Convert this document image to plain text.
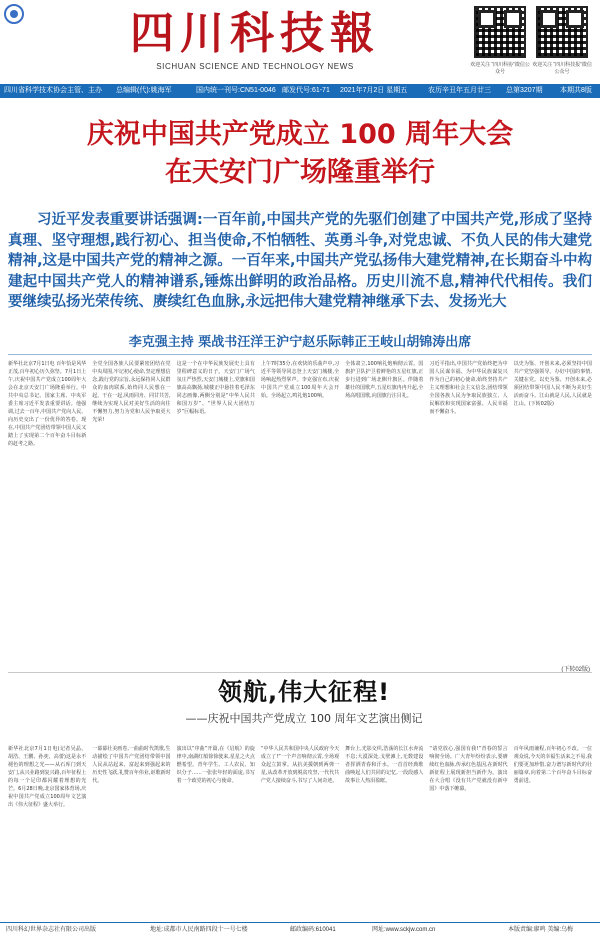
四川科技報
SICHUAN SCIENCE AND TECHNOLOGY NEWS	欢迎关注 “四川科协”微信公众号
欢迎关注 “四川科技报”微信公众号
四川省科学技术协会主管、主办 总编辑(代):姚海军	国内统一刊号:CN51-0046 邮发代号:61-71 2021年7月2日 星期五	农历辛丑年五月廿三 总第3207期 本期共8版
庆祝中国共产党成立 100 周年大会
在天安门广场隆重举行
习近平发表重要讲话强调:一百年前,中国共产党的先驱们创建了中国共产党,形成了坚持真理、坚守理想,践行初心、担当使命,不怕牺牲、英勇斗争,对党忠诚、不负人民的伟大建党精神,这是中国共产党的精神之源。一百年来,中国共产党弘扬伟大建党精神,在长期奋斗中构建起中国共产党人的精神谱系,锤炼出鲜明的政治品格。历史川流不息,精神代代相传。我们要继续弘扬光荣传统、赓续红色血脉,永远把伟大建党精神继承下去、发扬光大
李克强主持 栗战书汪洋王沪宁赵乐际韩正王岐山胡锦涛出席
新华社北京7月1日电 百年恰是风华正茂,百年初心历久弥坚。7月1日上午,庆祝中国共产党成立100周年大会在北京天安门广场隆重举行。中共中央总书记、国家主席、中央军委主席习近平发表重要讲话。他强调,过去一百年,中国共产党向人民、向历史交出了一份优异的答卷。现在,中国共产党团结带领中国人民又踏上了实现第二个百年奋斗目标新的赶考之路。
全党全国各族人民要紧密团结在党中央周围,牢记初心使命,坚定理想信念,践行党的宗旨,永远保持同人民群众的血肉联系,始终同人民想在一起、干在一起,风雨同舟、同甘共苦,继续为实现人民对美好生活的向往不懈努力,努力为党和人民争取更大光荣!
这是一个在中华民族发展史上具有里程碑意义的日子。天安门广场气氛庄严热烈,天安门城楼上,党旗和国旗高高飘扬,城楼正中悬挂着毛泽东同志画像,两侧分别是“中华人民共和国万岁”、“世界人民大团结万岁”巨幅标语。
上午7时35分,在欢快的乐曲声中,习近平等领导同志登上天安门城楼,全场响起热烈掌声。李克强宣布,庆祝中国共产党成立100周年大会开始。全场起立,鸣礼炮100响。
全体肃立,100响礼炮响彻云霄。国旗护卫队护卫着鲜艳的五星红旗,正步行进到广场北侧升旗区。伴随着雄壮的国歌声,五星红旗冉冉升起,全场高唱国歌,向国旗行注目礼。
习近平指出,中国共产党始终把为中国人民谋幸福、为中华民族谋复兴作为自己的初心使命,始终坚持共产主义理想和社会主义信念,团结带领全国各族人民为争取民族独立、人民解放和实现国家富强、人民幸福而不懈奋斗。
以史为鉴、开创未来,必须坚持中国共产党坚强领导。办好中国的事情,关键在党。以史为鉴、开创未来,必须团结带领中国人民不断为美好生活而奋斗。江山就是人民,人民就是江山。(下转02版)
(下转02版)
新华社北京7月1日电(记者吴晶、胡浩、王鹏、孙奕、高蕾)这是永不褪色的理想之光——从石库门到天安门,从兴业路到复兴路,百年征程上的每一个足印都闪耀着理想的光芒。6月28日晚,北京国家体育场,庆祝中国共产党成立100周年文艺演出《伟大征程》盛大举行。
一幕幕壮美画卷,一曲曲时代凯歌,生动描绘了中国共产党团结带领中国人民从站起来、富起来到强起来的历史性飞跃,礼赞百年伟业,讴歌新时代。
演出以“序曲”开篇,在《启航》的旋律中,南湖红船徐徐驶来,星星之火点燃希望。青年学生、工人农民、知识分子……一张张年轻的面庞,书写着一个政党的初心与使命。
“中华人民共和国中央人民政府今天成立了!”一个声音响彻云霄,全场观众起立鼓掌。从抗美援朝到两弹一星,从改革开放到脱贫攻坚,一代代共产党人接续奋斗,书写了人间奇迹。
舞台上,光影交织,浩荡的长江水奔流不息;大漠深处,戈壁滩上,无数建设者挥洒青春和汗水。一首首经典歌曲唤起人们共同的记忆,一段段感人故事让人热泪盈眶。
“请党放心,强国有我!”青春的誓言响彻全场。广大青年纷纷表示,要赓续红色血脉,传承红色基因,在新时代新征程上展现新担当新作为。演出在大合唱《没有共产党就没有新中国》中落下帷幕。
百年风雨兼程,百年初心不改。一位观众说,今天的幸福生活来之不易,我们要更加珍惜,奋力谱写新时代的壮丽篇章,向着第二个百年奋斗目标奋勇前进。
领航,伟大征程!
——庆祝中国共产党成立 100 周年文艺演出侧记
四川科幻世界杂志社有限公司出版	地址:成都市人民南路四段十一号七楼	邮政编码:610041	网址:www.sckjw.com.cn	本版责编:廖鸣 美编:乌梅
